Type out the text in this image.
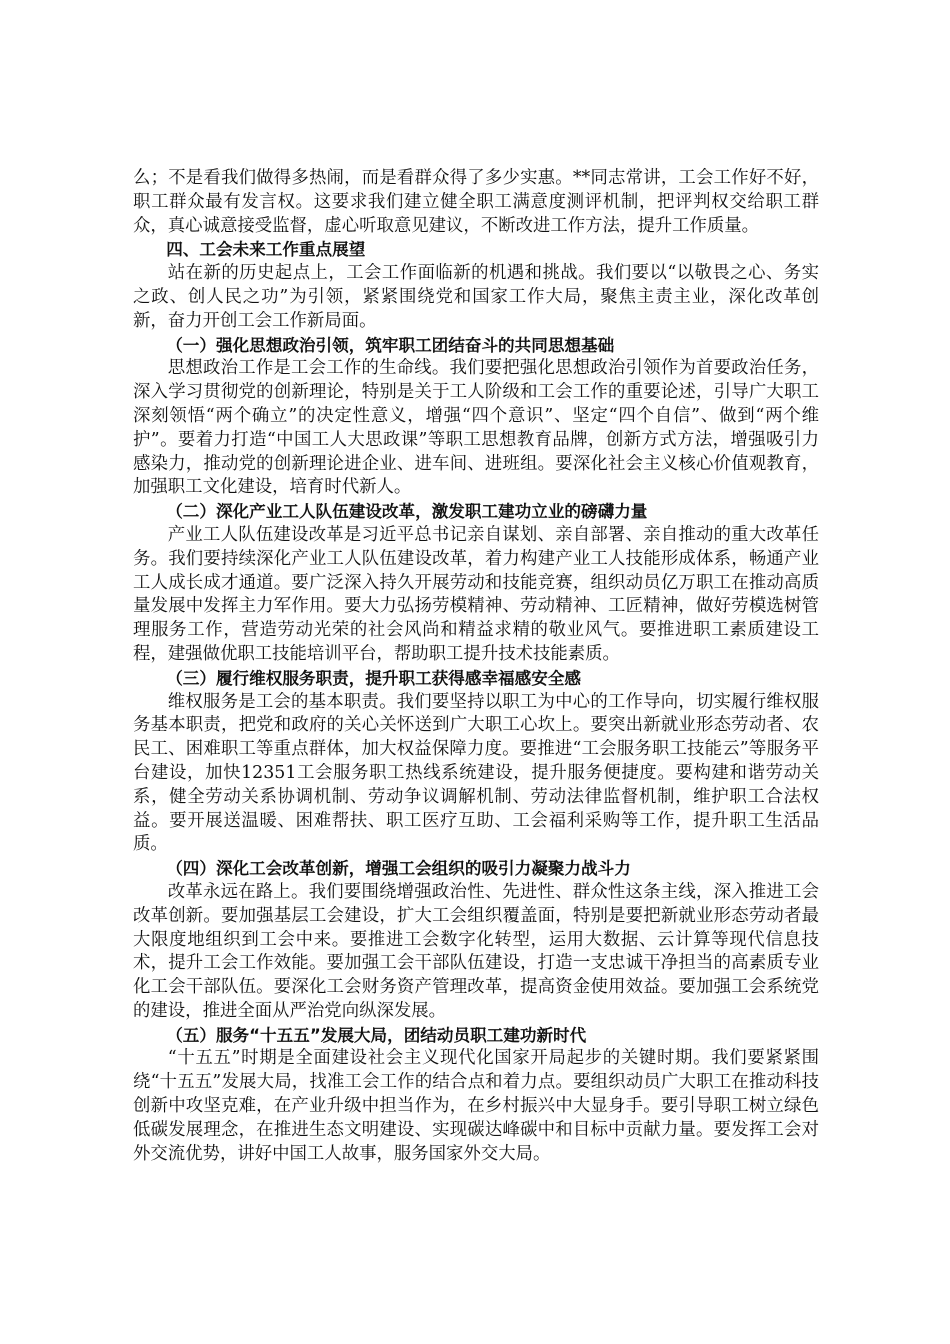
么；不是看我们做得多热闹，而是看群众得了多少实惠。**同志常讲，工会工作好不好，职工群众最有发言权。这要求我们建立健全职工满意度测评机制，把评判权交给职工群众，真心诚意接受监督，虚心听取意见建议，不断改进工作方法，提升工作质量。

四、工会未来工作重点展望

站在新的历史起点上，工会工作面临新的机遇和挑战。我们要以“以敬畏之心、务实之政、创人民之功”为引领，紧紧围绕党和国家工作大局，聚焦主责主业，深化改革创新，奋力开创工会工作新局面。

（一）强化思想政治引领，筑牢职工团结奋斗的共同思想基础

思想政治工作是工会工作的生命线。我们要把强化思想政治引领作为首要政治任务，深入学习贯彻党的创新理论，特别是关于工人阶级和工会工作的重要论述，引导广大职工深刻领悟“两个确立”的决定性意义，增强“四个意识”、坚定“四个自信”、做到“两个维护”。要着力打造“中国工人大思政课”等职工思想教育品牌，创新方式方法，增强吸引力感染力，推动党的创新理论进企业、进车间、进班组。要深化社会主义核心价值观教育，加强职工文化建设，培育时代新人。

（二）深化产业工人队伍建设改革，激发职工建功立业的磅礴力量

产业工人队伍建设改革是习近平总书记亲自谋划、亲自部署、亲自推动的重大改革任务。我们要持续深化产业工人队伍建设改革，着力构建产业工人技能形成体系，畅通产业工人成长成才通道。要广泛深入持久开展劳动和技能竞赛，组织动员亿万职工在推动高质量发展中发挥主力军作用。要大力弘扬劳模精神、劳动精神、工匠精神，做好劳模选树管理服务工作，营造劳动光荣的社会风尚和精益求精的敬业风气。要推进职工素质建设工程，建强做优职工技能培训平台，帮助职工提升技术技能素质。

（三）履行维权服务职责，提升职工获得感幸福感安全感

维权服务是工会的基本职责。我们要坚持以职工为中心的工作导向，切实履行维权服务基本职责，把党和政府的关心关怀送到广大职工心坎上。要突出新就业形态劳动者、农民工、困难职工等重点群体，加大权益保障力度。要推进“工会服务职工技能云”等服务平台建设，加快12351工会服务职工热线系统建设，提升服务便捷度。要构建和谐劳动关系，健全劳动关系协调机制、劳动争议调解机制、劳动法律监督机制，维护职工合法权益。要开展送温暖、困难帮扶、职工医疗互助、工会福利采购等工作，提升职工生活品质。

（四）深化工会改革创新，增强工会组织的吸引力凝聚力战斗力

改革永远在路上。我们要围绕增强政治性、先进性、群众性这条主线，深入推进工会改革创新。要加强基层工会建设，扩大工会组织覆盖面，特别是要把新就业形态劳动者最大限度地组织到工会中来。要推进工会数字化转型，运用大数据、云计算等现代信息技术，提升工会工作效能。要加强工会干部队伍建设，打造一支忠诚干净担当的高素质专业化工会干部队伍。要深化工会财务资产管理改革，提高资金使用效益。要加强工会系统党的建设，推进全面从严治党向纵深发展。

（五）服务“十五五”发展大局，团结动员职工建功新时代

“十五五”时期是全面建设社会主义现代化国家开局起步的关键时期。我们要紧紧围绕“十五五”发展大局，找准工会工作的结合点和着力点。要组织动员广大职工在推动科技创新中攻坚克难，在产业升级中担当作为，在乡村振兴中大显身手。要引导职工树立绿色低碳发展理念，在推进生态文明建设、实现碳达峰碳中和目标中贡献力量。要发挥工会对外交流优势，讲好中国工人故事，服务国家外交大局。
